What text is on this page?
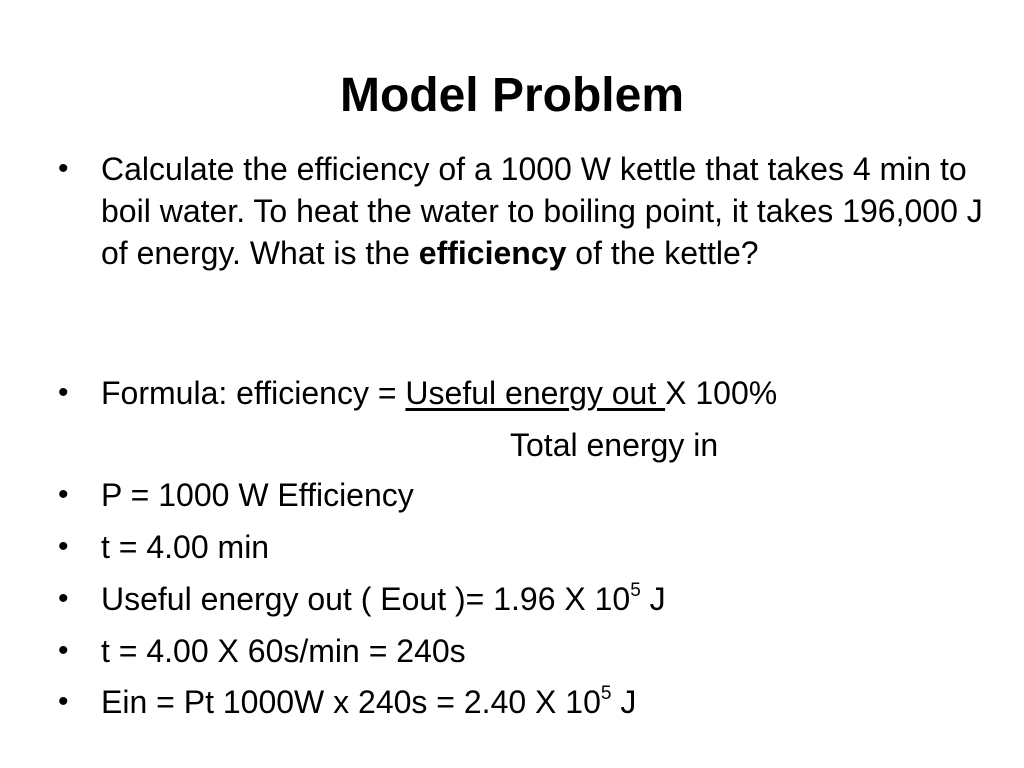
Model Problem
• Calculate the efficiency of a 1000 W kettle that takes 4 min to boil water. To heat the water to boiling point, it takes 196,000 J of energy. What is the efficiency of the kettle?
• Formula: efficiency = Useful energy out X 100%
Total energy in
• P = 1000 W Efficiency
• t = 4.00 min
• Useful energy out ( Eout )= 1.96 X $10^5$ J
• t = 4.00 X 60s/min = 240s
• Ein = Pt 1000W x 240s = 2.40 X $10^5$ J
